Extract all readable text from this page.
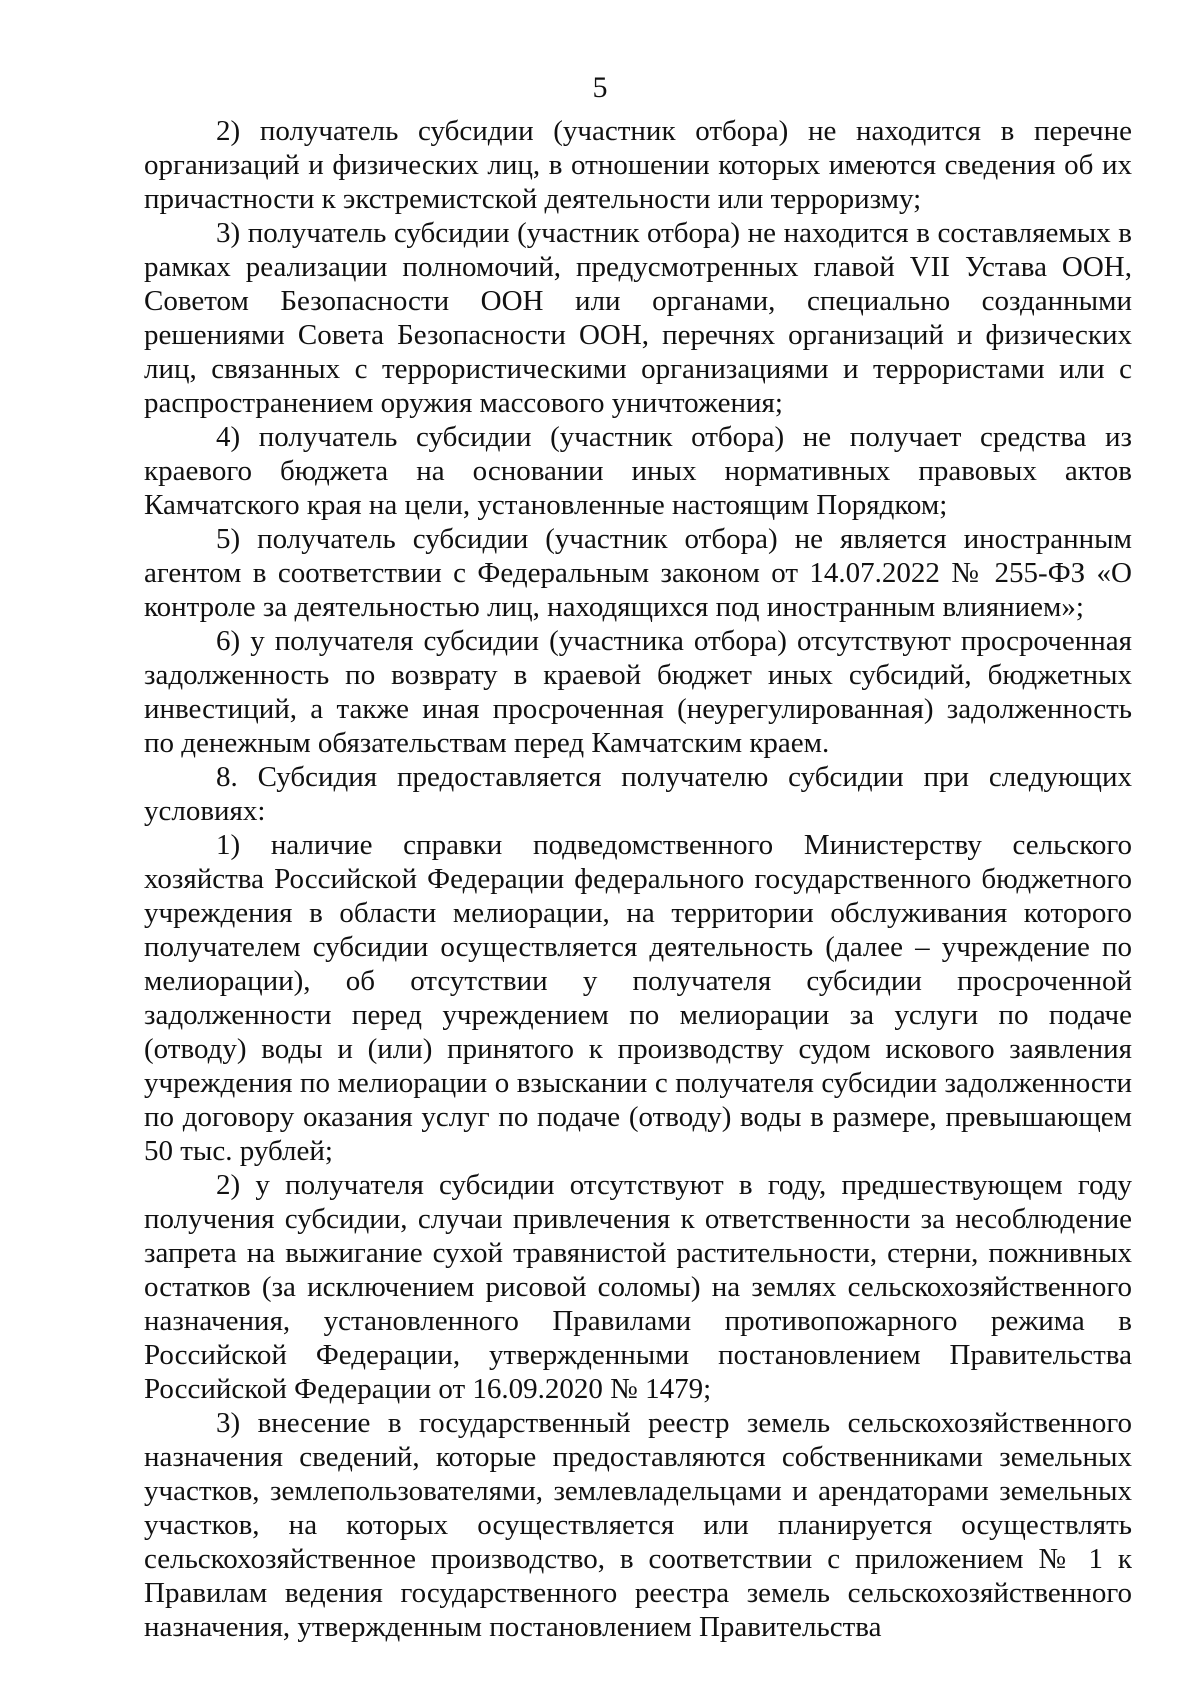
5

2) получатель субсидии (участник отбора) не находится в перечне организаций и физических лиц, в отношении которых имеются сведения об их причастности к экстремистской деятельности или терроризму;

3) получатель субсидии (участник отбора) не находится в составляемых в рамках реализации полномочий, предусмотренных главой VII Устава ООН, Советом Безопасности ООН или органами, специально созданными решениями Совета Безопасности ООН, перечнях организаций и физических лиц, связанных с террористическими организациями и террористами или с распространением оружия массового уничтожения;

4) получатель субсидии (участник отбора) не получает средства из краевого бюджета на основании иных нормативных правовых актов Камчатского края на цели, установленные настоящим Порядком;

5) получатель субсидии (участник отбора) не является иностранным агентом в соответствии с Федеральным законом от 14.07.2022 № 255-ФЗ «О контроле за деятельностью лиц, находящихся под иностранным влиянием»;

6) у получателя субсидии (участника отбора) отсутствуют просроченная задолженность по возврату в краевой бюджет иных субсидий, бюджетных инвестиций, а также иная просроченная (неурегулированная) задолженность по денежным обязательствам перед Камчатским краем.

8. Субсидия предоставляется получателю субсидии при следующих условиях:

1) наличие справки подведомственного Министерству сельского хозяйства Российской Федерации федерального государственного бюджетного учреждения в области мелиорации, на территории обслуживания которого получателем субсидии осуществляется деятельность (далее – учреждение по мелиорации), об отсутствии у получателя субсидии просроченной задолженности перед учреждением по мелиорации за услуги по подаче (отводу) воды и (или) принятого к производству судом искового заявления учреждения по мелиорации о взыскании с получателя субсидии задолженности по договору оказания услуг по подаче (отводу) воды в размере, превышающем 50 тыс. рублей;

2) у получателя субсидии отсутствуют в году, предшествующем году получения субсидии, случаи привлечения к ответственности за несоблюдение запрета на выжигание сухой травянистой растительности, стерни, пожнивных остатков (за исключением рисовой соломы) на землях сельскохозяйственного назначения, установленного Правилами противопожарного режима в Российской Федерации, утвержденными постановлением Правительства Российской Федерации от 16.09.2020 № 1479;

3) внесение в государственный реестр земель сельскохозяйственного назначения сведений, которые предоставляются собственниками земельных участков, землепользователями, землевладельцами и арендаторами земельных участков, на которых осуществляется или планируется осуществлять сельскохозяйственное производство, в соответствии с приложением № 1 к Правилам ведения государственного реестра земель сельскохозяйственного назначения, утвержденным постановлением Правительства
